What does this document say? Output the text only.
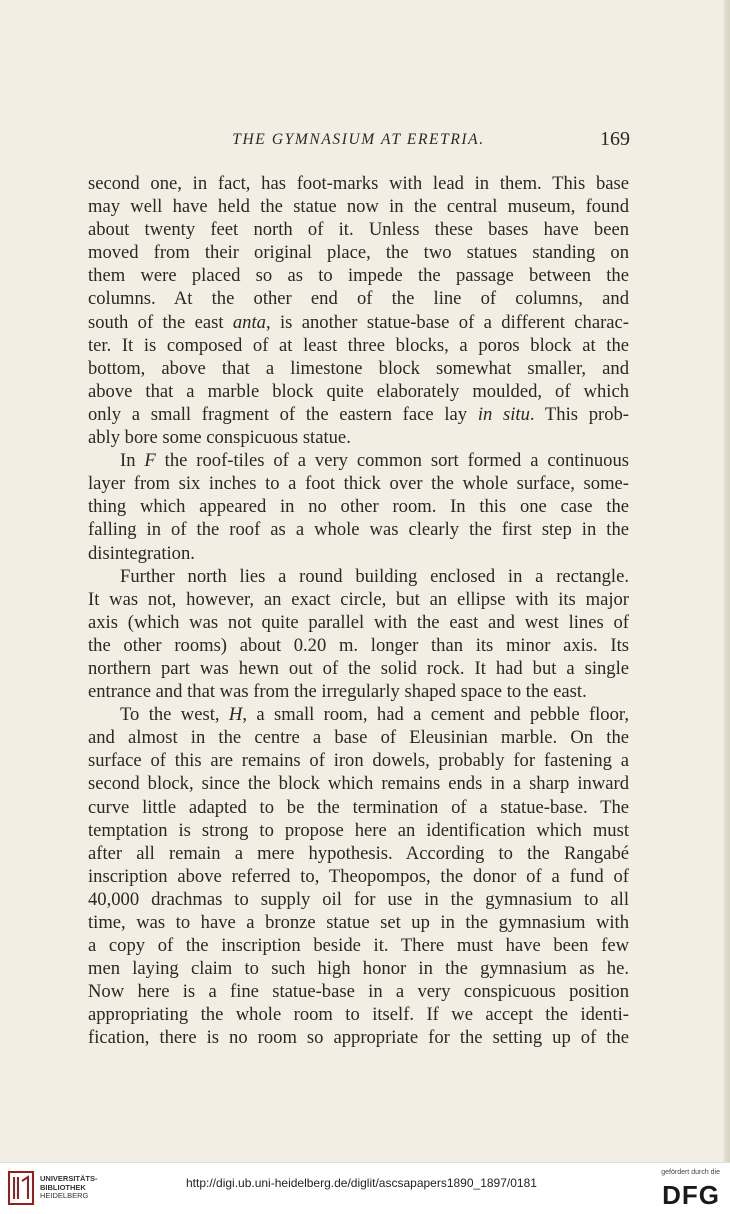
THE GYMNASIUM AT ERETRIA.	169
second one, in fact, has foot-marks with lead in them. This base
may well have held the statue now in the central museum, found
about twenty feet north of it. Unless these bases have been
moved from their original place, the two statues standing on
them were placed so as to impede the passage between the
columns. At the other end of the line of columns, and
south of the east anta, is another statue-base of a different charac-
ter. It is composed of at least three blocks, a poros block at the
bottom, above that a limestone block somewhat smaller, and
above that a marble block quite elaborately moulded, of which
only a small fragment of the eastern face lay in situ. This prob-
ably bore some conspicuous statue.
In F the roof-tiles of a very common sort formed a continuous
layer from six inches to a foot thick over the whole surface, some-
thing which appeared in no other room. In this one case the
falling in of the roof as a whole was clearly the first step in the
disintegration.
Further north lies a round building enclosed in a rectangle.
It was not, however, an exact circle, but an ellipse with its major
axis (which was not quite parallel with the east and west lines of
the other rooms) about 0.20 m. longer than its minor axis. Its
northern part was hewn out of the solid rock. It had but a single
entrance and that was from the irregularly shaped space to the east.
To the west, H, a small room, had a cement and pebble floor,
and almost in the centre a base of Eleusinian marble. On the
surface of this are remains of iron dowels, probably for fastening a
second block, since the block which remains ends in a sharp inward
curve little adapted to be the termination of a statue-base. The
temptation is strong to propose here an identification which must
after all remain a mere hypothesis. According to the Rangabé
inscription above referred to, Theopompos, the donor of a fund of
40,000 drachmas to supply oil for use in the gymnasium to all
time, was to have a bronze statue set up in the gymnasium with
a copy of the inscription beside it. There must have been few
men laying claim to such high honor in the gymnasium as he.
Now here is a fine statue-base in a very conspicuous position
appropriating the whole room to itself. If we accept the identi-
fication, there is no room so appropriate for the setting up of the
UNIVERSITÄTS-
BIBLIOTHEK
HEIDELBERG
http://digi.ub.uni-heidelberg.de/diglit/ascsapapers1890_1897/0181
gefördert durch die
DFG
